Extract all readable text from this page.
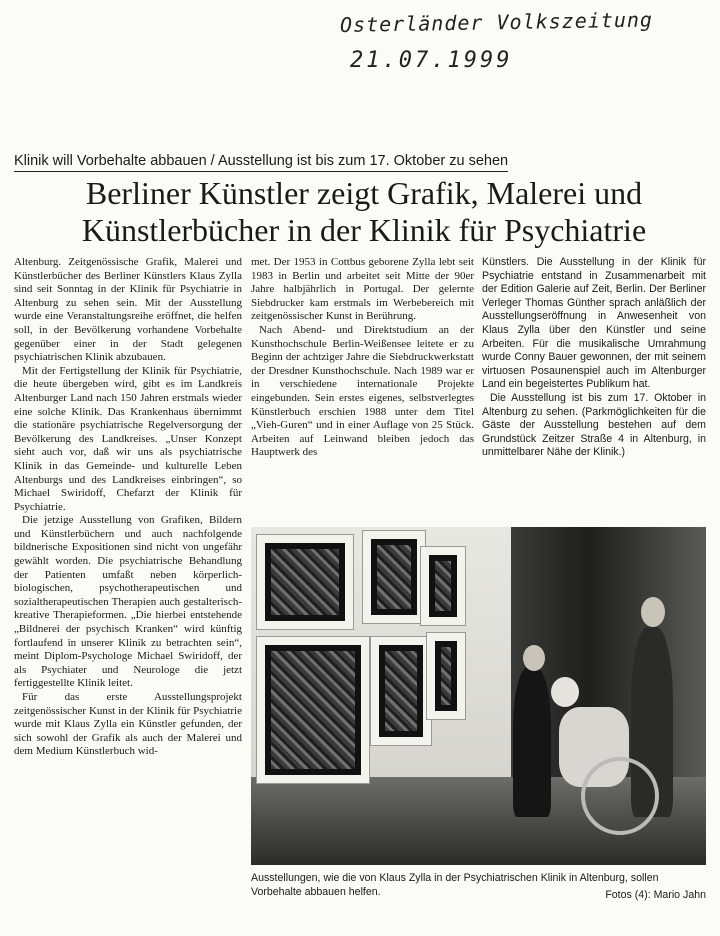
Osterländer Volkszeitung
21.07.1999
Klinik will Vorbehalte abbauen / Ausstellung ist bis zum 17. Oktober zu sehen
Berliner Künstler zeigt Grafik, Malerei und Künstlerbücher in der Klinik für Psychiatrie

Altenburg. Zeitgenössische Grafik, Malerei und Künstlerbücher des Berliner Künstlers Klaus Zylla sind seit Sonntag in der Klinik für Psychiatrie in Altenburg zu sehen sein. Mit der Ausstellung wurde eine Veranstaltungsreihe eröffnet, die helfen soll, in der Bevölkerung vorhandene Vorbehalte gegenüber einer in der Stadt gelegenen psychiatrischen Klinik abzubauen.

Mit der Fertigstellung der Klinik für Psychiatrie, die heute übergeben wird, gibt es im Landkreis Altenburger Land nach 150 Jahren erstmals wieder eine solche Klinik. Das Krankenhaus übernimmt die stationäre psychiatrische Regelversorgung der Bevölkerung des Landkreises. „Unser Konzept sieht auch vor, daß wir uns als psychiatrische Klinik in das Gemeinde- und kulturelle Leben Altenburgs und des Landkreises einbringen“, so Michael Swiridoff, Chefarzt der Klinik für Psychiatrie.

Die jetzige Ausstellung von Grafiken, Bildern und Künstlerbüchern und auch nachfolgende bildnerische Expositionen sind nicht von ungefähr gewählt worden. Die psychiatrische Behandlung der Patienten umfaßt neben körperlich-biologischen, psychotherapeutischen und sozialtherapeutischen Therapien auch gestalterisch-kreative Therapieformen. „Die hierbei entstehende „Bildnerei der psychisch Kranken“ wird künftig fortlaufend in unserer Klinik zu betrachten sein“, meint Diplom-Psychologe Michael Swiridoff, der als Psychiater und Neurologe die jetzt fertiggestellte Klinik leitet.

Für das erste Ausstellungsprojekt zeitgenössischer Kunst in der Klinik für Psychiatrie wurde mit Klaus Zylla ein Künstler gefunden, der sich sowohl der Grafik als auch der Malerei und dem Medium Künstlerbuch wid-

met. Der 1953 in Cottbus geborene Zylla lebt seit 1983 in Berlin und arbeitet seit Mitte der 90er Jahre halbjährlich in Portugal. Der gelernte Siebdrucker kam erstmals im Werbebereich mit zeitgenössischer Kunst in Berührung.

Nach Abend- und Direktstudium an der Kunsthochschule Berlin-Weißensee leitete er zu Beginn der achtziger Jahre die Siebdruckwerkstatt der Dresdner Kunsthochschule. Nach 1989 war er in verschiedene internationale Projekte eingebunden. Sein erstes eigenes, selbstverlegtes Künstlerbuch erschien 1988 unter dem Titel „Vieh-Guren“ und in einer Auflage von 25 Stück. Arbeiten auf Leinwand bleiben jedoch das Hauptwerk des

Künstlers. Die Ausstellung in der Klinik für Psychiatrie entstand in Zusammenarbeit mit der Edition Galerie auf Zeit, Berlin. Der Berliner Verleger Thomas Günther sprach anläßlich der Ausstellungseröffnung in Anwesenheit von Klaus Zylla über den Künstler und seine Arbeiten. Für die musikalische Umrahmung wurde Conny Bauer gewonnen, der mit seinem virtuosen Posaunenspiel auch im Altenburger Land ein begeistertes Publikum hat.

Die Ausstellung ist bis zum 17. Oktober in Altenburg zu sehen. (Parkmöglichkeiten für die Gäste der Ausstellung bestehen auf dem Grundstück Zeitzer Straße 4 in Altenburg, in unmittelbarer Nähe der Klinik.)

Ausstellungen, wie die von Klaus Zylla in der Psychiatrischen Klinik in Altenburg, sollen Vorbehalte abbauen helfen.	Fotos (4): Mario Jahn
